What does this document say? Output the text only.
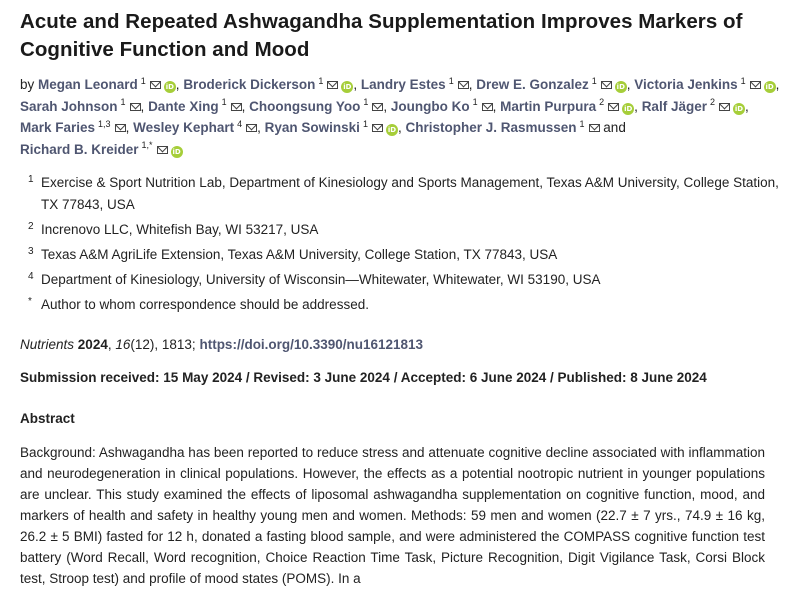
Acute and Repeated Ashwagandha Supplementation Improves Markers of Cognitive Function and Mood
by Megan Leonard $^1$iD , Broderick Dickerson $^1$iD , Landry Estes $^1$ , Drew E. Gonzalez $^1$iD , Victoria Jenkins $^1$iD , Sarah Johnson $^1$ , Dante Xing $^1$ , Choongsung Yoo $^1$ , Joungbo Ko $^1$ , Martin Purpura $^2$iD , Ralf Jäger $^2$iD , Mark Faries $^{1,3}$ , Wesley Kephart $^4$ , Ryan Sowinski $^1$iD , Christopher J. Rasmussen $^1$ and Richard B. Kreider $^{1,*}$iD
1 Exercise & Sport Nutrition Lab, Department of Kinesiology and Sports Management, Texas A&M University, College Station, TX 77843, USA
2 Increnovo LLC, Whitefish Bay, WI 53217, USA
3 Texas A&M AgriLife Extension, Texas A&M University, College Station, TX 77843, USA
4 Department of Kinesiology, University of Wisconsin—Whitewater, Whitewater, WI 53190, USA
* Author to whom correspondence should be addressed.
Nutrients 2024, 16(12), 1813; https://doi.org/10.3390/nu16121813
Submission received: 15 May 2024 / Revised: 3 June 2024 / Accepted: 6 June 2024 / Published: 8 June 2024
Abstract
Background: Ashwagandha has been reported to reduce stress and attenuate cognitive decline associated with inflammation and neurodegeneration in clinical populations. However, the effects as a potential nootropic nutrient in younger populations are unclear. This study examined the effects of liposomal ashwagandha supplementation on cognitive function, mood, and markers of health and safety in healthy young men and women. Methods: 59 men and women (22.7 ± 7 yrs., 74.9 ± 16 kg, 26.2 ± 5 BMI) fasted for 12 h, donated a fasting blood sample, and were administered the COMPASS cognitive function test battery (Word Recall, Word recognition, Choice Reaction Time Task, Picture Recognition, Digit Vigilance Task, Corsi Block test, Stroop test) and profile of mood states (POMS). In a
